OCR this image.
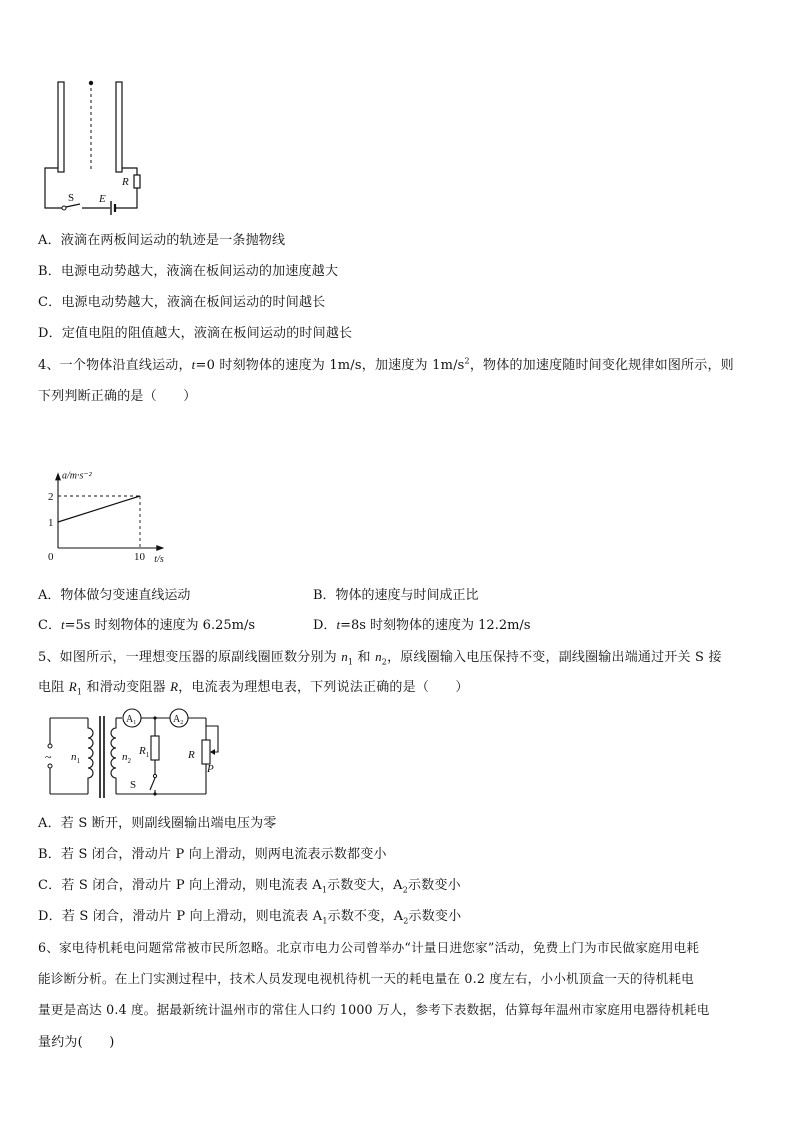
S E
R
A．液滴在两板间运动的轨迹是一条抛物线
B．电源电动势越大，液滴在板间运动的加速度越大
C．电源电动势越大，液滴在板间运动的时间越长
D．定值电阻的阻值越大，液滴在板间运动的时间越长
4、一个物体沿直线运动，t=0 时刻物体的速度为 1m/s，加速度为 $1m/s^2$，物体的加速度随时间变化规律如图所示，则
下列判断正确的是（　　）
a/m·s⁻²
t/s
0
1
2
10
A．物体做匀变速直线运动	B．物体的速度与时间成正比
C．t=5s 时刻物体的速度为 6.25m/s	D．t=8s 时刻物体的速度为 12.2m/s
5、如图所示，一理想变压器的原副线圈匝数分别为 $n_1$ 和 $n_2$，原线圈输入电压保持不变，副线圈输出端通过开关 S 接
电阻 $R_1$ 和滑动变阻器 R，电流表为理想电表，下列说法正确的是（　　）
~ $n_1$	$n_2$
$A_1$	$A_2$
$R_1$
S
R
P
A．若 S 断开，则副线圈输出端电压为零
B．若 S 闭合，滑动片 P 向上滑动，则两电流表示数都变小
C．若 S 闭合，滑动片 P 向上滑动，则电流表 $A_1$示数变大，$A_2$示数变小
D．若 S 闭合，滑动片 P 向上滑动，则电流表 $A_1$示数不变，$A_2$示数变小
6、家电待机耗电问题常常被市民所忽略。北京市电力公司曾举办“计量日进您家”活动，免费上门为市民做家庭用电耗
能诊断分析。在上门实测过程中，技术人员发现电视机待机一天的耗电量在 0.2 度左右，小小机顶盒一天的待机耗电
量更是高达 0.4 度。据最新统计温州市的常住人口约 1000 万人，参考下表数据，估算每年温州市家庭用电器待机耗电
量约为(　　)
